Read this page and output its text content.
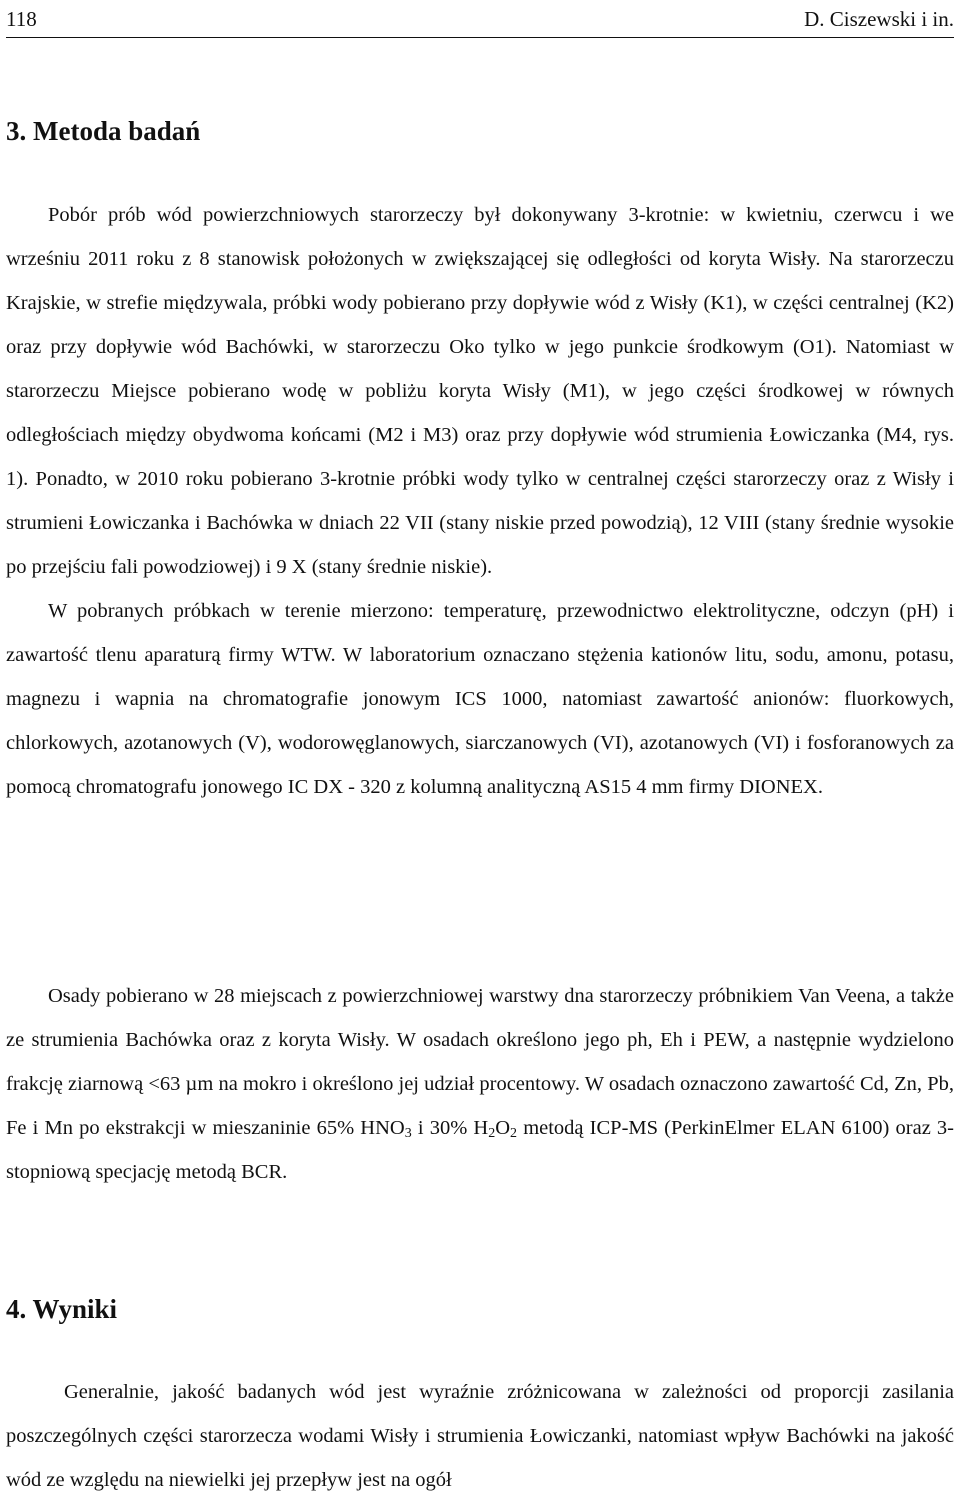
118	D. Ciszewski i in.
3. Metoda badań

Pobór prób wód powierzchniowych starorzeczy był dokonywany 3-krotnie: w kwietniu, czerwcu i we wrześniu 2011 roku z 8 stanowisk położonych w zwiększającej się odległości od koryta Wisły. Na starorzeczu Krajskie, w strefie międzywala, próbki wody pobierano przy dopływie wód z Wisły (K1), w części centralnej (K2) oraz przy dopływie wód Bachówki, w starorzeczu Oko tylko w jego punkcie środkowym (O1). Natomiast w starorzeczu Miejsce pobierano wodę w pobliżu koryta Wisły (M1), w jego części środkowej w równych odległościach między obydwoma końcami (M2 i M3) oraz przy dopływie wód strumienia Łowiczanka (M4, rys. 1). Ponadto, w 2010 roku pobierano 3-krotnie próbki wody tylko w centralnej części starorzeczy oraz z Wisły i strumieni Łowiczanka i Bachówka w dniach 22 VII (stany niskie przed powodzią), 12 VIII (stany średnie wysokie po przejściu fali powodziowej) i 9 X (stany średnie niskie).

W pobranych próbkach w terenie mierzono: temperaturę, przewodnictwo elektrolityczne, odczyn (pH) i zawartość tlenu aparaturą firmy WTW. W laboratorium oznaczano stężenia kationów litu, sodu, amonu, potasu, magnezu i wapnia na chromatografie jonowym ICS 1000, natomiast zawartość anionów: fluorkowych, chlorkowych, azotanowych (V), wodorowęglanowych, siarczanowych (VI), azotanowych (VI) i fosforanowych za pomocą chromatografu jonowego IC DX - 320 z kolumną analityczną AS15 4 mm firmy DIONEX.

Osady pobierano w 28 miejscach z powierzchniowej warstwy dna starorzeczy próbnikiem Van Veena, a także ze strumienia Bachówka oraz z koryta Wisły. W osadach określono jego ph, Eh i PEW, a następnie wydzielono frakcję ziarnową <63 µm na mokro i określono jej udział procentowy. W osadach oznaczono zawartość Cd, Zn, Pb, Fe i Mn po ekstrakcji w mieszaninie 65% $HNO_3$ i 30% $H_2O_2$ metodą ICP-MS (PerkinElmer ELAN 6100) oraz 3-stopniową specjację metodą BCR.

4. Wyniki

Generalnie, jakość badanych wód jest wyraźnie zróżnicowana w zależności od proporcji zasilania poszczególnych części starorzecza wodami Wisły i strumienia Łowiczanki, natomiast wpływ Bachówki na jakość wód ze względu na niewielki jej przepływ jest na ogół
